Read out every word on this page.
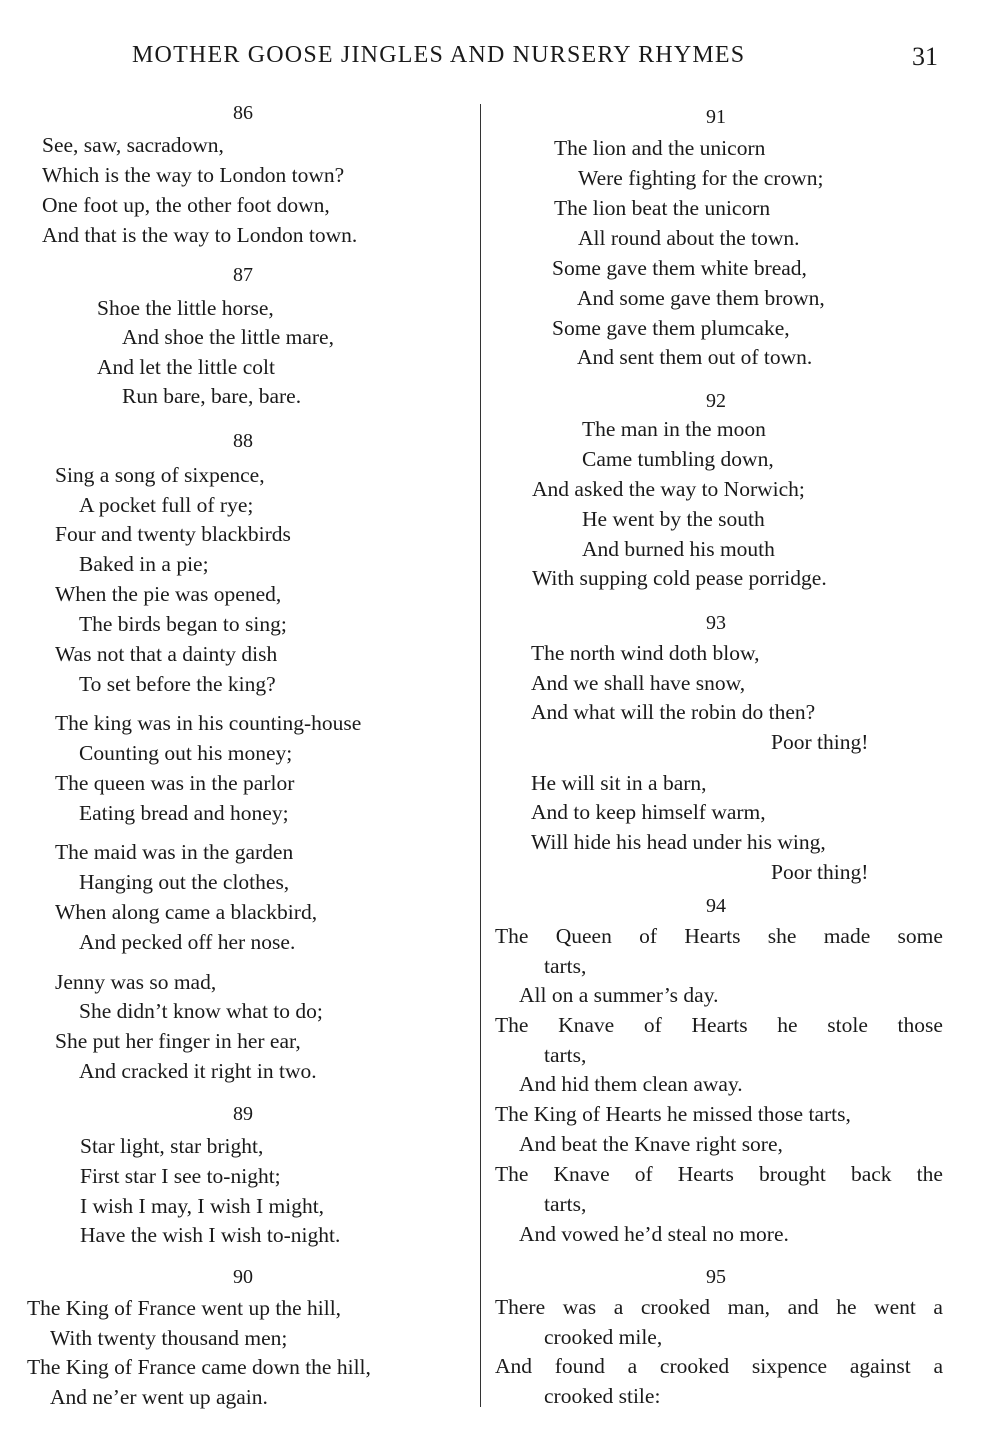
MOTHER GOOSE JINGLES AND NURSERY RHYMES	31
86
See, saw, sacradown,
Which is the way to London town?
One foot up, the other foot down,
And that is the way to London town.
87
Shoe the little horse,
And shoe the little mare,
And let the little colt
Run bare, bare, bare.
88
Sing a song of sixpence,
A pocket full of rye;
Four and twenty blackbirds
Baked in a pie;
When the pie was opened,
The birds began to sing;
Was not that a dainty dish
To set before the king?
The king was in his counting-house
Counting out his money;
The queen was in the parlor
Eating bread and honey;
The maid was in the garden
Hanging out the clothes,
When along came a blackbird,
And pecked off her nose.
Jenny was so mad,
She didn’t know what to do;
She put her finger in her ear,
And cracked it right in two.
89
Star light, star bright,
First star I see to-night;
I wish I may, I wish I might,
Have the wish I wish to-night.
90
The King of France went up the hill,
With twenty thousand men;
The King of France came down the hill,
And ne’er went up again.
91
The lion and the unicorn
Were fighting for the crown;
The lion beat the unicorn
All round about the town.
Some gave them white bread,
And some gave them brown,
Some gave them plumcake,
And sent them out of town.
92
The man in the moon
Came tumbling down,
And asked the way to Norwich;
He went by the south
And burned his mouth
With supping cold pease porridge.
93
The north wind doth blow,
And we shall have snow,
And what will the robin do then?
Poor thing!
He will sit in a barn,
And to keep himself warm,
Will hide his head under his wing,
Poor thing!
94
The Queen of Hearts she made some
tarts,
All on a summer’s day.
The Knave of Hearts he stole those
tarts,
And hid them clean away.
The King of Hearts he missed those tarts,
And beat the Knave right sore,
The Knave of Hearts brought back the
tarts,
And vowed he’d steal no more.
95
There was a crooked man, and he went a
crooked mile,
And found a crooked sixpence against a
crooked stile:
